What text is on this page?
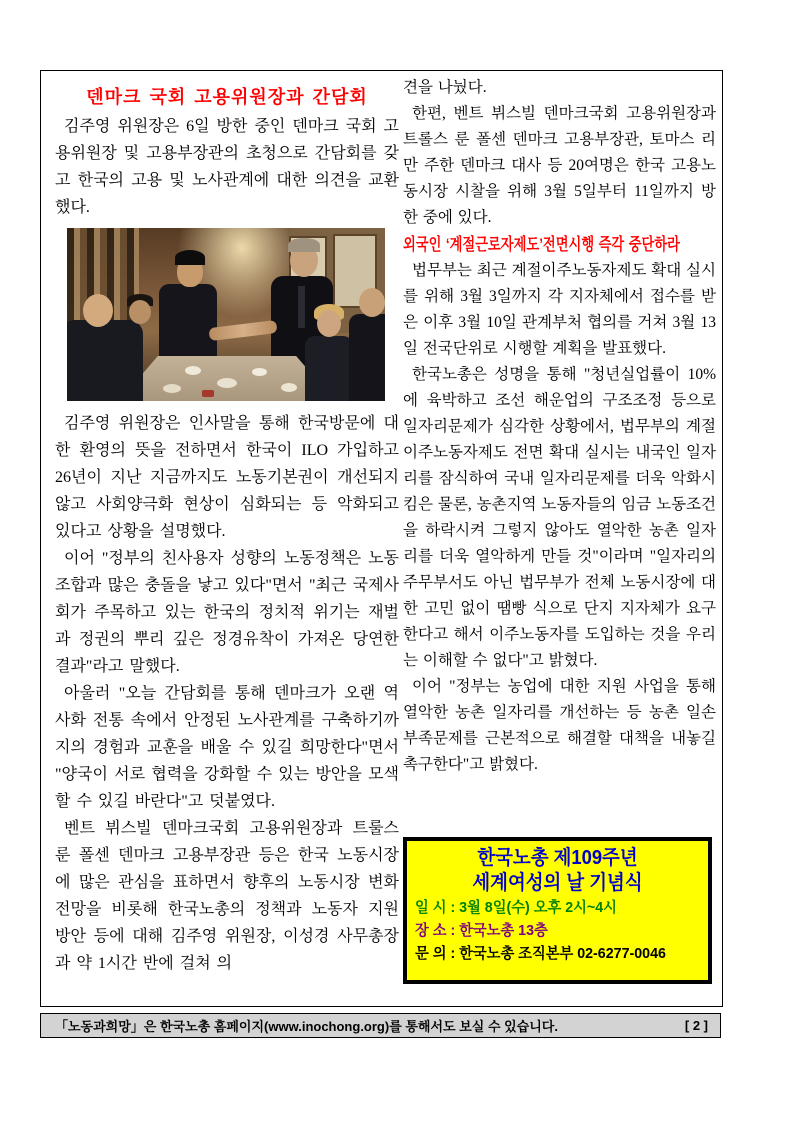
덴마크 국회 고용위원장과 간담회

김주영 위원장은 6일 방한 중인 덴마크 국회 고용위원장 및 고용부장관의 초청으로 간담회를 갖고 한국의 고용 및 노사관계에 대한 의견을 교환했다.

김주영 위원장은 인사말을 통해 한국방문에 대한 환영의 뜻을 전하면서 한국이 ILO 가입하고 26년이 지난 지금까지도 노동기본권이 개선되지 않고 사회양극화 현상이 심화되는 등 악화되고 있다고 상황을 설명했다.

이어 "정부의 친사용자 성향의 노동정책은 노동조합과 많은 충돌을 낳고 있다"면서 "최근 국제사회가 주목하고 있는 한국의 정치적 위기는 재벌과 정권의 뿌리 깊은 정경유착이 가져온 당연한 결과"라고 말했다.

아울러 "오늘 간담회를 통해 덴마크가 오랜 역사화 전통 속에서 안정된 노사관계를 구축하기까지의 경험과 교훈을 배울 수 있길 희망한다"면서 "양국이 서로 협력을 강화할 수 있는 방안을 모색할 수 있길 바란다"고 덧붙였다.

벤트 뷔스빌 덴마크국회 고용위원장과 트룰스 룬 폴센 덴마크 고용부장관 등은 한국 노동시장에 많은 관심을 표하면서 향후의 노동시장 변화 전망을 비롯해 한국노총의 정책과 노동자 지원 방안 등에 대해 김주영 위원장, 이성경 사무총장과 약 1시간 반에 걸쳐 의

견을 나눴다.

한편, 벤트 뷔스빌 덴마크국회 고용위원장과 트롤스 룬 폴센 덴마크 고용부장관, 토마스 리만 주한 덴마크 대사 등 20여명은 한국 고용노동시장 시찰을 위해 3월 5일부터 11일까지 방한 중에 있다.

외국인 ‘계절근로자제도’전면시행 즉각 중단하라

법무부는 최근 계절이주노동자제도 확대 실시를 위해 3월 3일까지 각 지자체에서 접수를 받은 이후 3월 10일 관계부처 협의를 거쳐 3월 13일 전국단위로 시행할 계획을 발표했다.

한국노총은 성명을 통해 "청년실업률이 10%에 육박하고 조선 해운업의 구조조정 등으로 일자리문제가 심각한 상황에서, 법무부의 계절이주노동자제도 전면 확대 실시는 내국인 일자리를 잠식하여 국내 일자리문제를 더욱 악화시킴은 물론, 농촌지역 노동자들의 임금 노동조건을 하락시켜 그렇지 않아도 열악한 농촌 일자리를 더욱 열악하게 만들 것"이라며 "일자리의 주무부서도 아닌 법무부가 전체 노동시장에 대한 고민 없이 땜빵 식으로 단지 지자체가 요구한다고 해서 이주노동자를 도입하는 것을 우리는 이해할 수 없다"고 밝혔다.

이어 "정부는 농업에 대한 지원 사업을 통해 열악한 농촌 일자리를 개선하는 등 농촌 일손 부족문제를 근본적으로 해결할 대책을 내놓길 촉구한다"고 밝혔다.

한국노총 제109주년

세계여성의 날 기념식

일 시 : 3월 8일(수) 오후 2시~4시

장 소 : 한국노총 13층

문 의 : 한국노총 조직본부 02-6277-0046

「노동과희망」은 한국노총 홈페이지(www.inochong.org)를 통해서도 보실 수 있습니다.	[ 2 ]
